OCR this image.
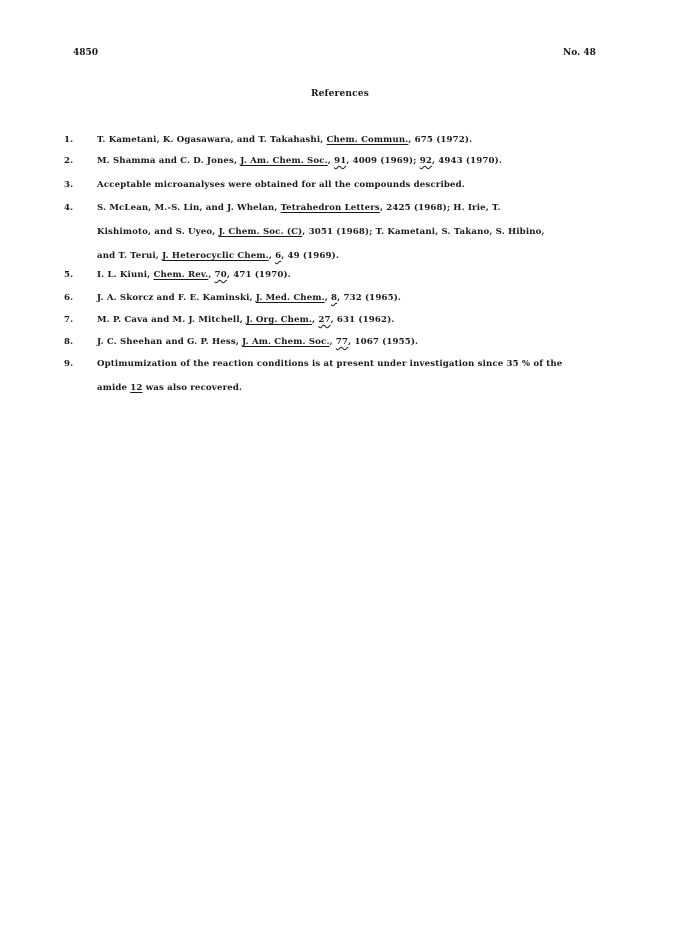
4850	No. 48
References
1.	T. Kametani, K. Ogasawara, and T. Takahashi, Chem. Commun., 675 (1972).
2.	M. Shamma and C. D. Jones, J. Am. Chem. Soc., 91, 4009 (1969); 92, 4943 (1970).
3.	Acceptable microanalyses were obtained for all the compounds described.
4.	S. McLean, M.-S. Lin, and J. Whelan, Tetrahedron Letters, 2425 (1968); H. Irie, T.
Kishimoto, and S. Uyeo, J. Chem. Soc. (C), 3051 (1968); T. Kametani, S. Takano, S. Hibino,
and T. Terui, J. Heterocyclic Chem., 6, 49 (1969).
5.	I. L. Kiuni, Chem. Rev., 70, 471 (1970).
6.	J. A. Skorcz and F. E. Kaminski, J. Med. Chem., 8, 732 (1965).
7.	M. P. Cava and M. J. Mitchell, J. Org. Chem., 27, 631 (1962).
8.	J. C. Sheehan and G. P. Hess, J. Am. Chem. Soc., 77, 1067 (1955).
9.	Optimumization of the reaction conditions is at present under investigation since 35 % of the
amide 12 was also recovered.
